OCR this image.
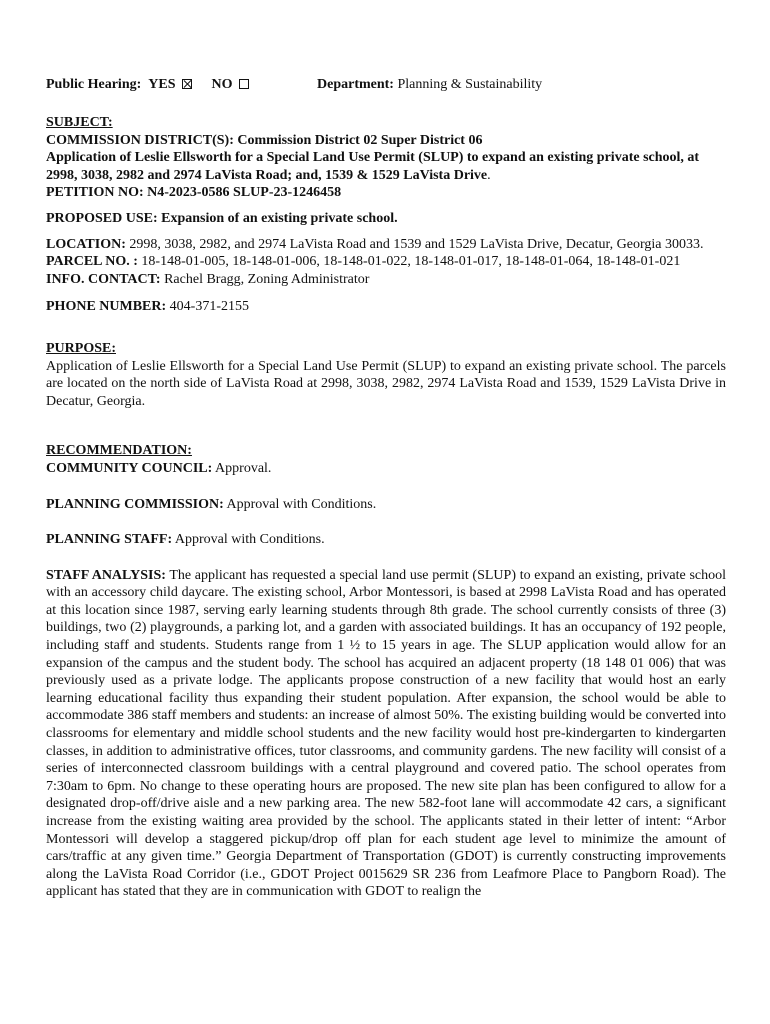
Public Hearing: YES	NO	Department: Planning & Sustainability

SUBJECT:

COMMISSION DISTRICT(S): Commission District 02 Super District 06

Application of Leslie Ellsworth for a Special Land Use Permit (SLUP) to expand an existing private school, at 2998, 3038, 2982 and 2974 LaVista Road; and, 1539 & 1529 LaVista Drive.

PETITION NO: N4-2023-0586 SLUP-23-1246458

PROPOSED USE: Expansion of an existing private school.

LOCATION: 2998, 3038, 2982, and 2974 LaVista Road and 1539 and 1529 LaVista Drive, Decatur, Georgia 30033.

PARCEL NO. : 18-148-01-005, 18-148-01-006, 18-148-01-022, 18-148-01-017, 18-148-01-064, 18-148-01-021

INFO. CONTACT: Rachel Bragg, Zoning Administrator

PHONE NUMBER: 404-371-2155

PURPOSE:

Application of Leslie Ellsworth for a Special Land Use Permit (SLUP) to expand an existing private school. The parcels are located on the north side of LaVista Road at 2998, 3038, 2982, 2974 LaVista Road and 1539, 1529 LaVista Drive in Decatur, Georgia.

RECOMMENDATION:

COMMUNITY COUNCIL: Approval.

PLANNING COMMISSION: Approval with Conditions.

PLANNING STAFF: Approval with Conditions.

STAFF ANALYSIS: The applicant has requested a special land use permit (SLUP) to expand an existing, private school with an accessory child daycare. The existing school, Arbor Montessori, is based at 2998 LaVista Road and has operated at this location since 1987, serving early learning students through 8th grade. The school currently consists of three (3) buildings, two (2) playgrounds, a parking lot, and a garden with associated buildings. It has an occupancy of 192 people, including staff and students. Students range from 1 ½ to 15 years in age. The SLUP application would allow for an expansion of the campus and the student body. The school has acquired an adjacent property (18 148 01 006) that was previously used as a private lodge. The applicants propose construction of a new facility that would host an early learning educational facility thus expanding their student population. After expansion, the school would be able to accommodate 386 staff members and students: an increase of almost 50%. The existing building would be converted into classrooms for elementary and middle school students and the new facility would host pre-kindergarten to kindergarten classes, in addition to administrative offices, tutor classrooms, and community gardens. The new facility will consist of a series of interconnected classroom buildings with a central playground and covered patio. The school operates from 7:30am to 6pm. No change to these operating hours are proposed. The new site plan has been configured to allow for a designated drop-off/drive aisle and a new parking area. The new 582-foot lane will accommodate 42 cars, a significant increase from the existing waiting area provided by the school. The applicants stated in their letter of intent: “Arbor Montessori will develop a staggered pickup/drop off plan for each student age level to minimize the amount of cars/traffic at any given time.” Georgia Department of Transportation (GDOT) is currently constructing improvements along the LaVista Road Corridor (i.e., GDOT Project 0015629 SR 236 from Leafmore Place to Pangborn Road). The applicant has stated that they are in communication with GDOT to realign the
